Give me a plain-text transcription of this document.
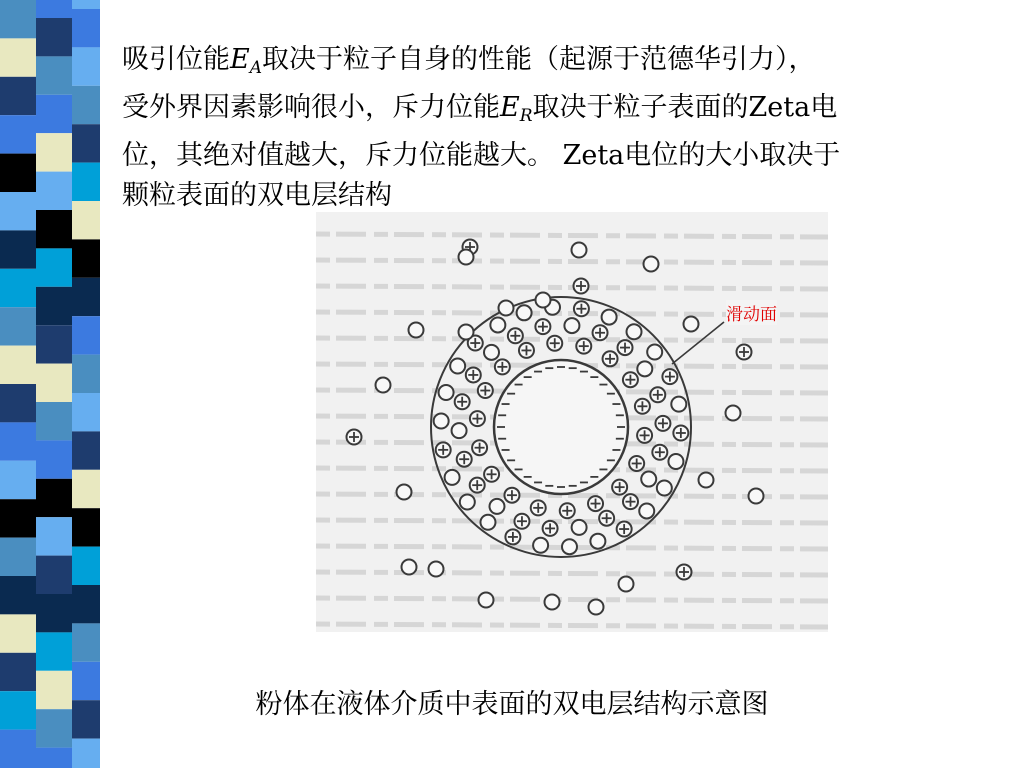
吸引位能$E_A$取决于粒子自身的性能（起源于范德华引力），
受外界因素影响很小，斥力位能$E_R$取决于粒子表面的Zeta电
位，其绝对值越大，斥力位能越大。 Zeta电位的大小取决于
颗粒表面的双电层结构
滑动面
粉体在液体介质中表面的双电层结构示意图
